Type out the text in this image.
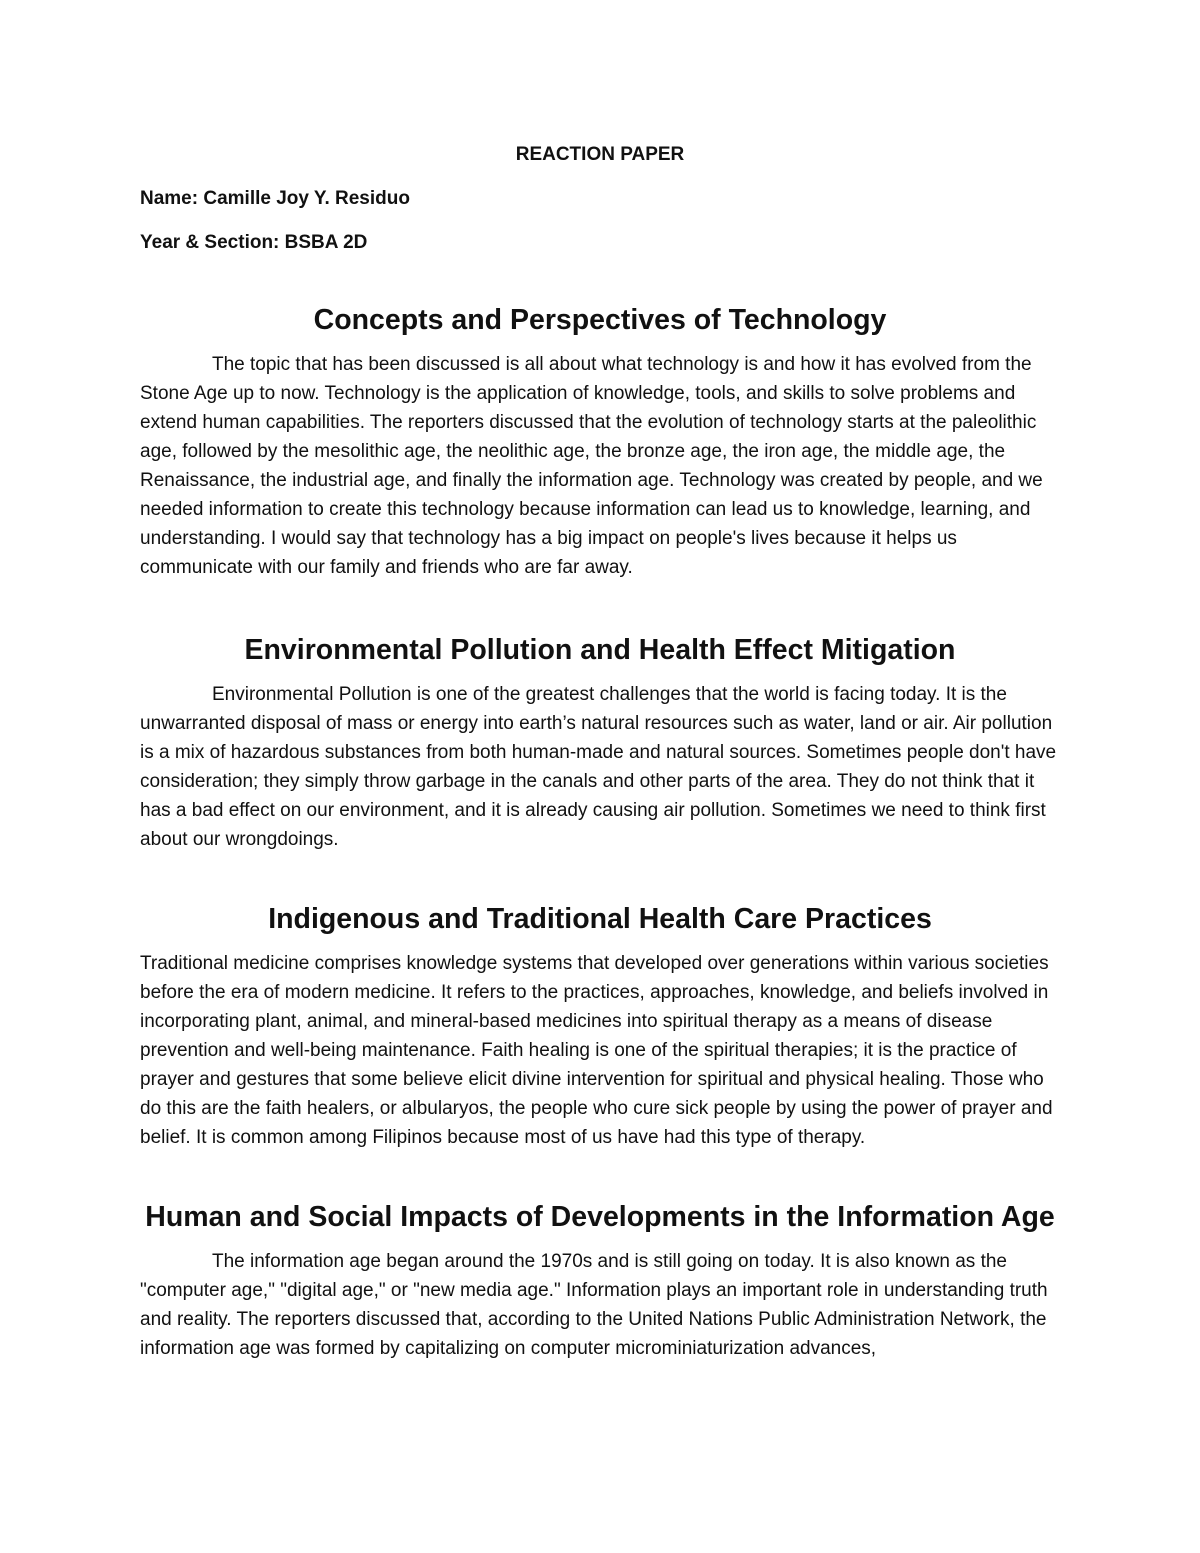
REACTION PAPER

Name: Camille Joy Y. Residuo

Year & Section: BSBA 2D

Concepts and Perspectives of Technology

The topic that has been discussed is all about what technology is and how it has evolved from the Stone Age up to now. Technology is the application of knowledge, tools, and skills to solve problems and extend human capabilities. The reporters discussed that the evolution of technology starts at the paleolithic age, followed by the mesolithic age, the neolithic age, the bronze age, the iron age, the middle age, the Renaissance, the industrial age, and finally the information age. Technology was created by people, and we needed information to create this technology because information can lead us to knowledge, learning, and understanding. I would say that technology has a big impact on people's lives because it helps us communicate with our family and friends who are far away.

Environmental Pollution and Health Effect Mitigation

Environmental Pollution is one of the greatest challenges that the world is facing today. It is the unwarranted disposal of mass or energy into earth’s natural resources such as water, land or air. Air pollution is a mix of hazardous substances from both human-made and natural sources. Sometimes people don't have consideration; they simply throw garbage in the canals and other parts of the area. They do not think that it has a bad effect on our environment, and it is already causing air pollution. Sometimes we need to think first about our wrongdoings.

Indigenous and Traditional Health Care Practices

Traditional medicine comprises knowledge systems that developed over generations within various societies before the era of modern medicine. It refers to the practices, approaches, knowledge, and beliefs involved in incorporating plant, animal, and mineral-based medicines into spiritual therapy as a means of disease prevention and well-being maintenance. Faith healing is one of the spiritual therapies; it is the practice of prayer and gestures that some believe elicit divine intervention for spiritual and physical healing. Those who do this are the faith healers, or albularyos, the people who cure sick people by using the power of prayer and belief. It is common among Filipinos because most of us have had this type of therapy.

Human and Social Impacts of Developments in the Information Age

The information age began around the 1970s and is still going on today. It is also known as the "computer age," "digital age," or "new media age." Information plays an important role in understanding truth and reality. The reporters discussed that, according to the United Nations Public Administration Network, the information age was formed by capitalizing on computer microminiaturization advances,
